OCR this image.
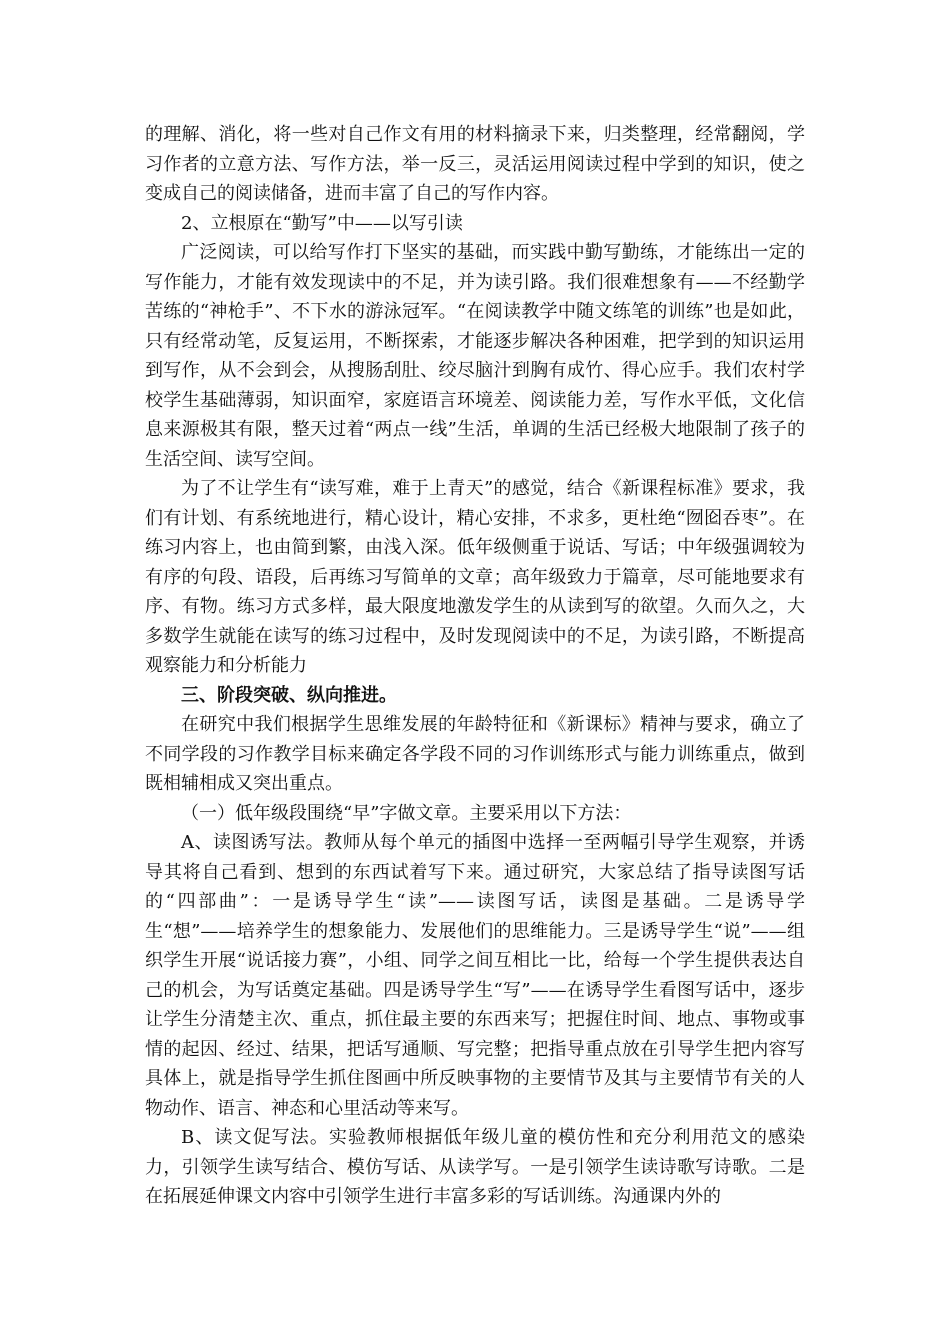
的理解、消化，将一些对自己作文有用的材料摘录下来，归类整理，经常翻阅，学习作者的立意方法、写作方法，举一反三，灵活运用阅读过程中学到的知识，使之变成自己的阅读储备，进而丰富了自己的写作内容。

2、立根原在“勤写”中——以写引读

广泛阅读，可以给写作打下坚实的基础，而实践中勤写勤练，才能练出一定的写作能力，才能有效发现读中的不足，并为读引路。我们很难想象有——不经勤学苦练的“神枪手”、不下水的游泳冠军。“在阅读教学中随文练笔的训练”也是如此，只有经常动笔，反复运用，不断探索，才能逐步解决各种困难，把学到的知识运用到写作，从不会到会，从搜肠刮肚、绞尽脑汁到胸有成竹、得心应手。我们农村学校学生基础薄弱，知识面窄，家庭语言环境差、阅读能力差，写作水平低，文化信息来源极其有限，整天过着“两点一线”生活，单调的生活已经极大地限制了孩子的生活空间、读写空间。

为了不让学生有“读写难，难于上青天”的感觉，结合《新课程标准》要求，我们有计划、有系统地进行，精心设计，精心安排，不求多，更杜绝“囫囵吞枣”。在练习内容上，也由简到繁，由浅入深。低年级侧重于说话、写话；中年级强调较为有序的句段、语段，后再练习写简单的文章；高年级致力于篇章，尽可能地要求有序、有物。练习方式多样，最大限度地激发学生的从读到写的欲望。久而久之，大多数学生就能在读写的练习过程中，及时发现阅读中的不足，为读引路，不断提高观察能力和分析能力

三、阶段突破、纵向推进。

在研究中我们根据学生思维发展的年龄特征和《新课标》精神与要求，确立了不同学段的习作教学目标来确定各学段不同的习作训练形式与能力训练重点，做到既相辅相成又突出重点。

（一）低年级段围绕“早”字做文章。主要采用以下方法：

A、读图诱写法。教师从每个单元的插图中选择一至两幅引导学生观察，并诱导其将自己看到、想到的东西试着写下来。通过研究，大家总结了指导读图写话的“四部曲”：一是诱导学生“读”——读图写话，读图是基础。二是诱导学生“想”——培养学生的想象能力、发展他们的思维能力。三是诱导学生“说”——组织学生开展“说话接力赛”，小组、同学之间互相比一比，给每一个学生提供表达自己的机会，为写话奠定基础。四是诱导学生“写”——在诱导学生看图写话中，逐步让学生分清楚主次、重点，抓住最主要的东西来写；把握住时间、地点、事物或事情的起因、经过、结果，把话写通顺、写完整；把指导重点放在引导学生把内容写具体上，就是指导学生抓住图画中所反映事物的主要情节及其与主要情节有关的人物动作、语言、神态和心里活动等来写。

B、读文促写法。实验教师根据低年级儿童的模仿性和充分利用范文的感染力，引领学生读写结合、模仿写话、从读学写。一是引领学生读诗歌写诗歌。二是在拓展延伸课文内容中引领学生进行丰富多彩的写话训练。沟通课内外的
